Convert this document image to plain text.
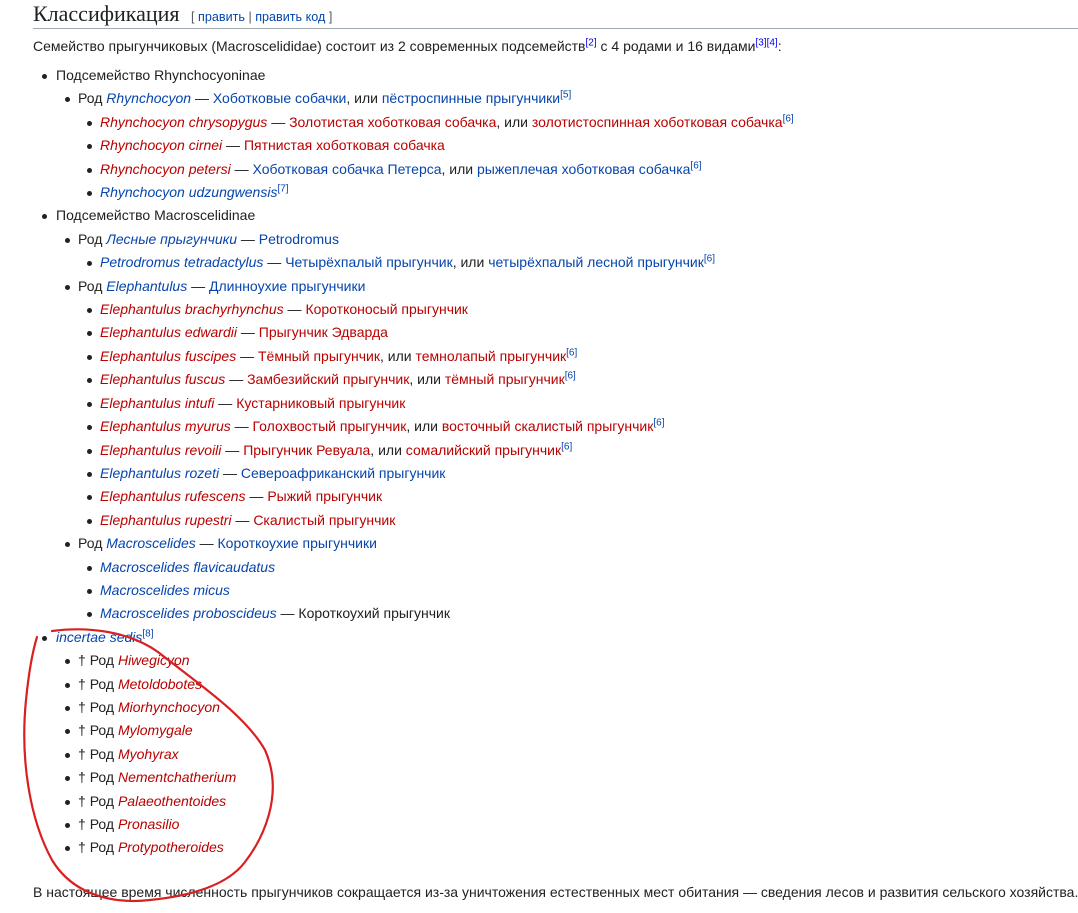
Классификация [ править | править код ]

Семейство прыгунчиковых (Macroscelididae) состоит из 2 современных подсемейств[2] с 4 родами и 16 видами[3][4]:

Подсемейство Rhynchocyoninae
Род Rhynchocyon — Хоботковые собачки, или пёстроспинные прыгунчики[5]
Rhynchocyon chrysopygus — Золотистая хоботковая собачка, или золотистоспинная хоботковая собачка[6]
Rhynchocyon cirnei — Пятнистая хоботковая собачка
Rhynchocyon petersi — Хоботковая собачка Петерса, или рыжеплечая хоботковая собачка[6]
Rhynchocyon udzungwensis[7]
Подсемейство Macroscelidinae
Род Лесные прыгунчики — Petrodromus
Petrodromus tetradactylus — Четырёхпалый прыгунчик, или четырёхпалый лесной прыгунчик[6]
Род Elephantulus — Длинноухие прыгунчики
Elephantulus brachyrhynchus — Коротконосый прыгунчик
Elephantulus edwardii — Прыгунчик Эдварда
Elephantulus fuscipes — Тёмный прыгунчик, или темнолапый прыгунчик[6]
Elephantulus fuscus — Замбезийский прыгунчик, или тёмный прыгунчик[6]
Elephantulus intufi — Кустарниковый прыгунчик
Elephantulus myurus — Голохвостый прыгунчик, или восточный скалистый прыгунчик[6]
Elephantulus revoili — Прыгунчик Ревуала, или сомалийский прыгунчик[6]
Elephantulus rozeti — Североафриканский прыгунчик
Elephantulus rufescens — Рыжий прыгунчик
Elephantulus rupestri — Скалистый прыгунчик
Род Macroscelides — Короткоухие прыгунчики
Macroscelides flavicaudatus
Macroscelides micus
Macroscelides proboscideus — Короткоухий прыгунчик
incertae sedis[8]
† Род Hiwegicyon
† Род Metoldobotes
† Род Miorhynchocyon
† Род Mylomygale
† Род Myohyrax
† Род Nementchatherium
† Род Palaeothentoides
† Род Pronasilio
† Род Protypotheroides

В настоящее время численность прыгунчиков сокращается из-за уничтожения естественных мест обитания — сведения лесов и развития сельского хозяйства.
